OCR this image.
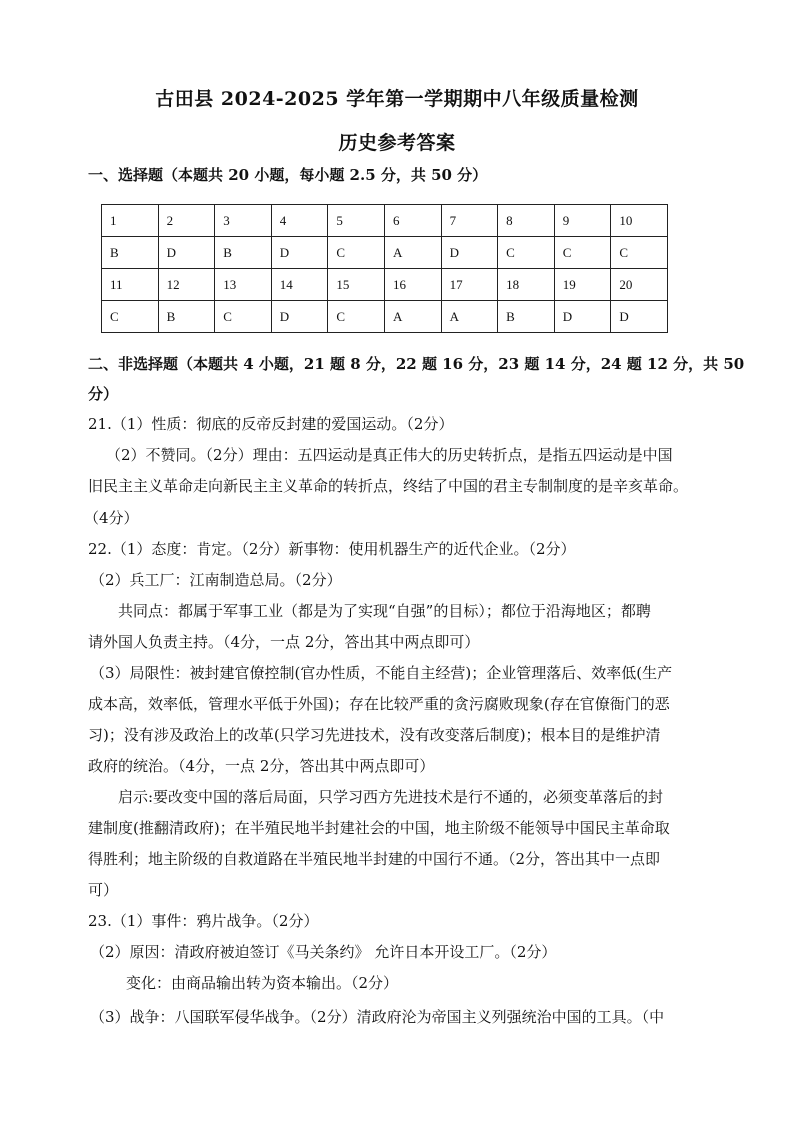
古田县 2024-2025 学年第一学期期中八年级质量检测
历史参考答案
一、选择题（本题共 20 小题，每小题 2.5 分，共 50 分）
1	2	3	4	5	6	7	8	9	10
B	D	B	D	C	A	D	C	C	C
11	12	13	14	15	16	17	18	19	20
C	B	C	D	C	A	A	B	D	D
二、非选择题（本题共 4 小题，21 题 8 分，22 题 16 分，23 题 14 分，24 题 12 分，共 50
分）
21.（1）性质：彻底的反帝反封建的爱国运动。（2分）
（2）不赞同。（2分）理由：五四运动是真正伟大的历史转折点，是指五四运动是中国
旧民主主义革命走向新民主主义革命的转折点，终结了中国的君主专制制度的是辛亥革命。
（4分）
22.（1）态度：肯定。（2分）新事物：使用机器生产的近代企业。（2分）
（2）兵工厂：江南制造总局。（2分）
共同点：都属于军事工业（都是为了实现“自强”的目标）；都位于沿海地区；都聘
请外国人负责主持。（4分，一点 2分，答出其中两点即可）
（3）局限性：被封建官僚控制(官办性质，不能自主经营)；企业管理落后、效率低(生产
成本高，效率低，管理水平低于外国)；存在比较严重的贪污腐败现象(存在官僚衙门的恶
习)；没有涉及政治上的改革(只学习先进技术，没有改变落后制度)；根本目的是维护清
政府的统治。（4分，一点 2分，答出其中两点即可）
启示:要改变中国的落后局面，只学习西方先进技术是行不通的，必须变革落后的封
建制度(推翻清政府)；在半殖民地半封建社会的中国，地主阶级不能领导中国民主革命取
得胜利；地主阶级的自救道路在半殖民地半封建的中国行不通。（2分，答出其中一点即
可）
23.（1）事件：鸦片战争。（2分）
（2）原因：清政府被迫签订《马关条约》 允许日本开设工厂。（2分）
变化：由商品输出转为资本输出。（2分）
（3）战争：八国联军侵华战争。（2分）清政府沦为帝国主义列强统治中国的工具。（中
